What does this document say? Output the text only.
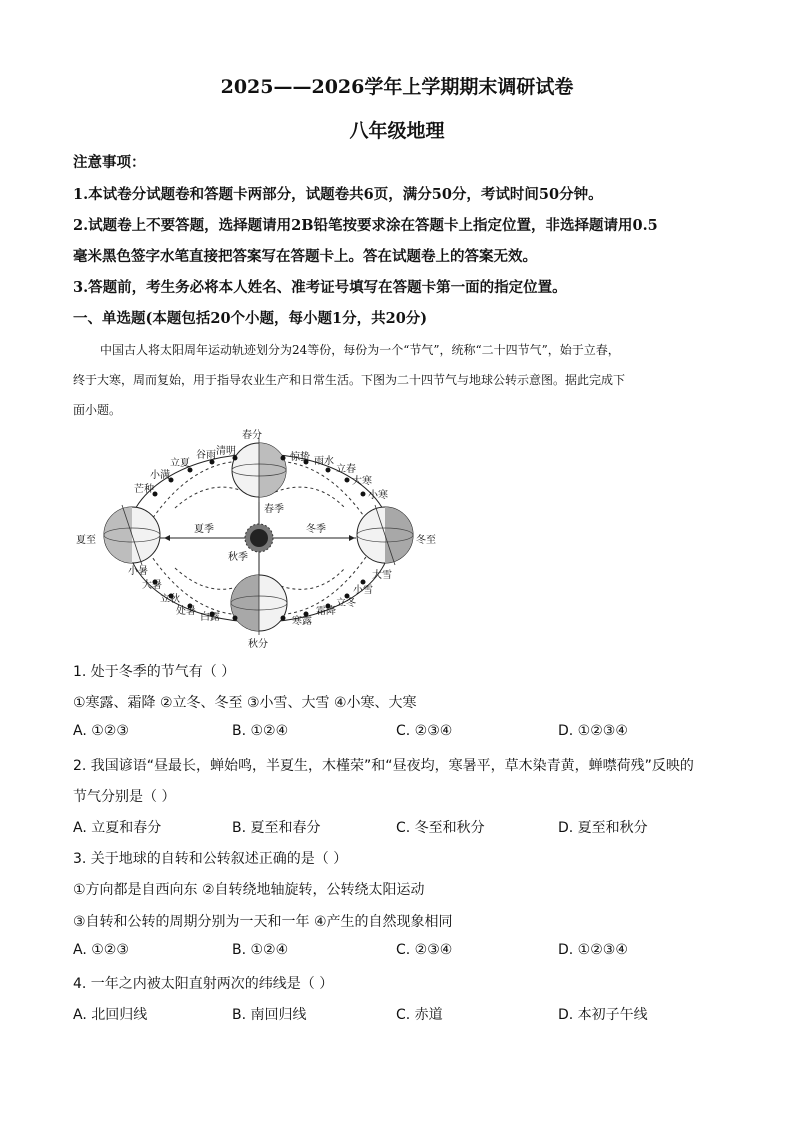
2025——2026学年上学期期末调研试卷
八年级地理
注意事项：
1.本试卷分试题卷和答题卡两部分，试题卷共6页，满分50分，考试时间50分钟。
2.试题卷上不要答题，选择题请用2B铅笔按要求涂在答题卡上指定位置，非选择题请用0.5
毫米黑色签字水笔直接把答案写在答题卡上。答在试题卷上的答案无效。
3.答题前，考生务必将本人姓名、准考证号填写在答题卡第一面的指定位置。
一、单选题(本题包括20个小题，每小题1分，共20分)
中国古人将太阳周年运动轨迹划分为24等份，每份为一个“节气”，统称“二十四节气”，始于立春，
终于大寒，周而复始，用于指导农业生产和日常生活。下图为二十四节气与地球公转示意图。据此完成下
面小题。
春分
清明
谷雨
立夏
小满
芒种
夏至
小暑
大暑
立秋
处暑
白露
秋分
寒露
霜降
立冬
小雪
大雪
冬至
小寒
大寒
立春
雨水
惊蛰
夏季	冬季
春季
秋季
1. 处于冬季的节气有（ ）
①寒露、霜降 ②立冬、冬至 ③小雪、大雪 ④小寒、大寒
A. ①②③	B. ①②④	C. ②③④	D. ①②③④
2. 我国谚语“昼最长，蝉始鸣，半夏生，木槿荣”和“昼夜均，寒暑平，草木染青黄，蝉噤荷残”反映的
节气分别是（ ）
A. 立夏和春分	B. 夏至和春分	C. 冬至和秋分	D. 夏至和秋分
3. 关于地球的自转和公转叙述正确的是（ ）
①方向都是自西向东 ②自转绕地轴旋转，公转绕太阳运动
③自转和公转的周期分别为一天和一年 ④产生的自然现象相同
A. ①②③	B. ①②④	C. ②③④	D. ①②③④
4. 一年之内被太阳直射两次的纬线是（ ）
A. 北回归线	B. 南回归线	C. 赤道	D. 本初子午线
